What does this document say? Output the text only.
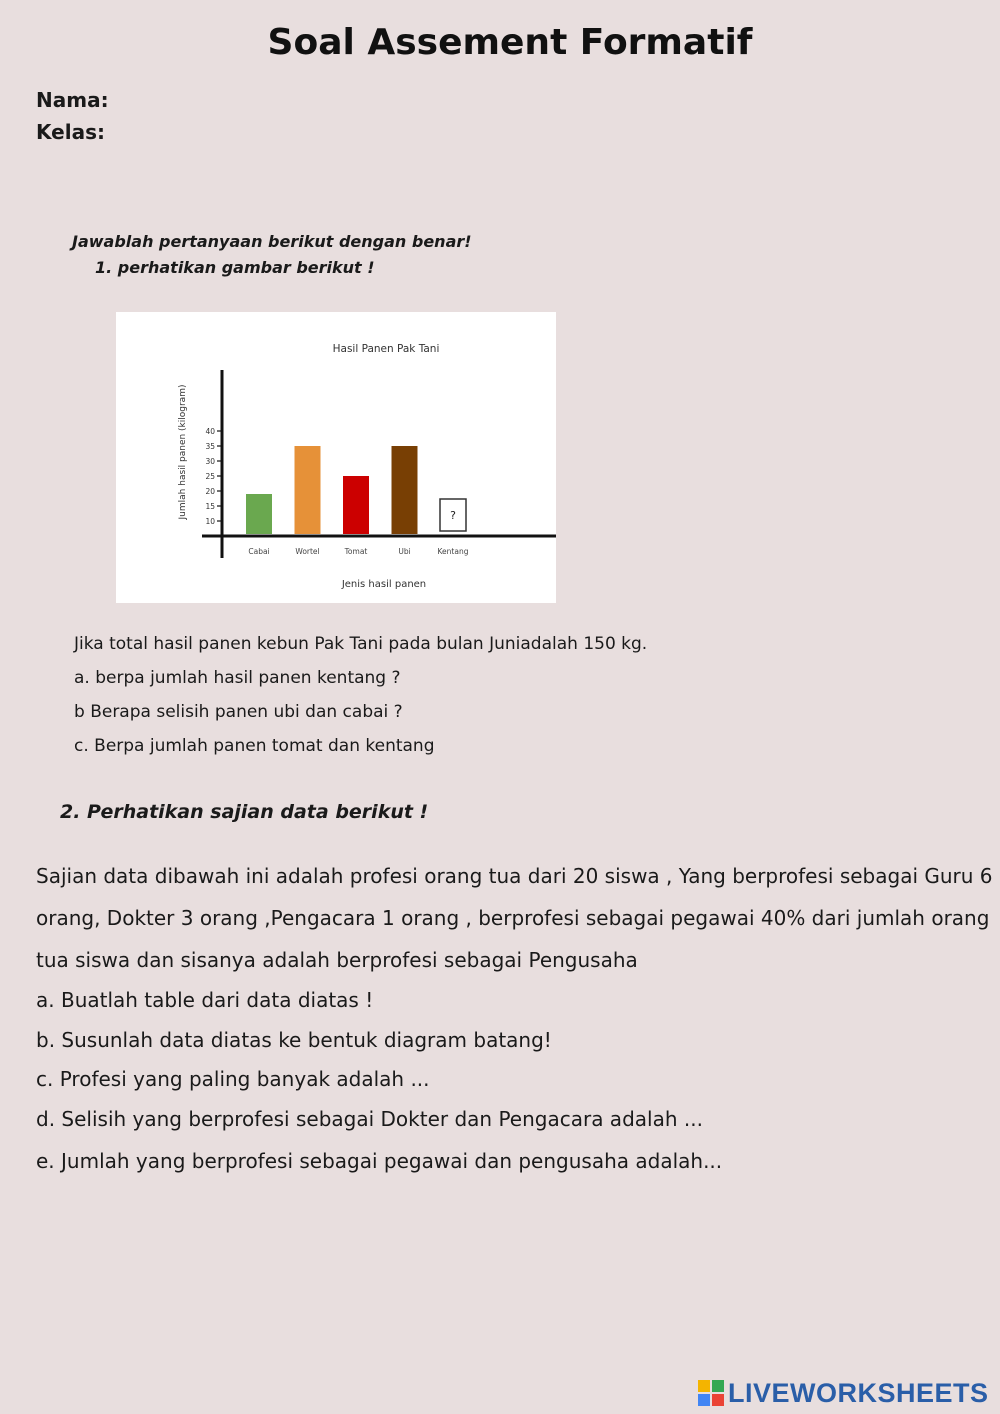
Soal Assement Formatif
Nama:
Kelas:
Jawablah pertanyaan berikut dengan benar!
1. perhatikan gambar berikut !
Hasil Panen Pak Tani
Jumlah hasil panen (kilogram)
Jenis hasil panen
10
15
20
25
30
35
40
?
Cabai	Wortel	Tomat	Ubi	Kentang
Jika total hasil panen kebun Pak Tani pada bulan Juniadalah 150 kg.
a. berpa jumlah hasil panen kentang ?
b Berapa selisih panen ubi dan cabai ?
c. Berpa jumlah panen tomat dan kentang
2. Perhatikan sajian data berikut !
Sajian data dibawah ini adalah profesi orang tua dari 20 siswa , Yang berprofesi sebagai Guru 6
orang, Dokter 3 orang ,Pengacara 1 orang , berprofesi sebagai pegawai 40% dari jumlah orang
tua siswa dan sisanya adalah berprofesi sebagai Pengusaha
a. Buatlah table dari data diatas !
b. Susunlah data diatas ke bentuk diagram batang!
c. Profesi yang paling banyak adalah ...
d. Selisih yang berprofesi sebagai Dokter dan Pengacara adalah ...
e. Jumlah yang berprofesi sebagai pegawai dan pengusaha adalah...
LIVEWORKSHEETS
